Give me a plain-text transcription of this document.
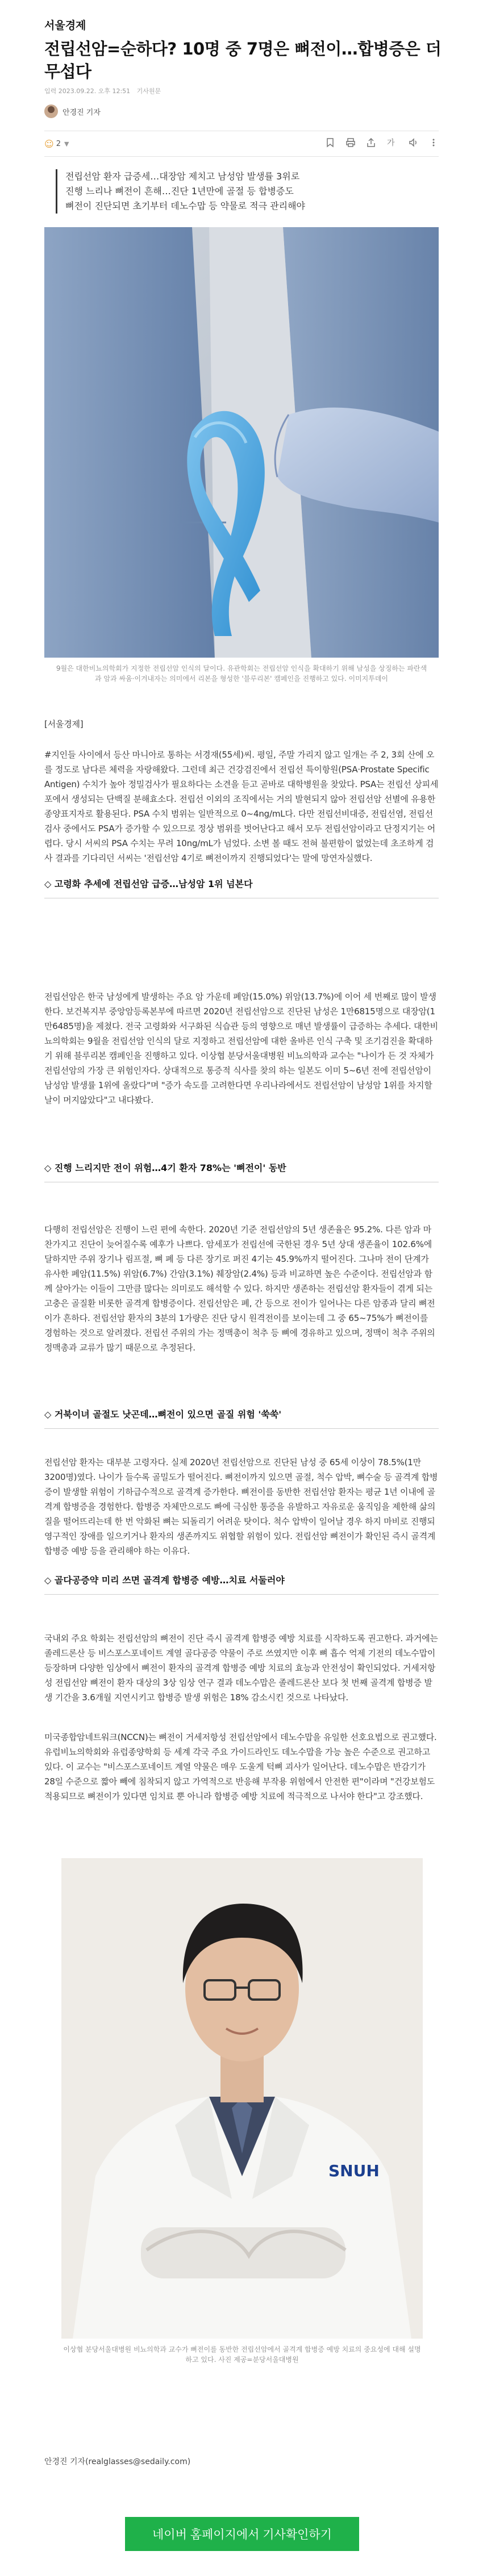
서울경제
전립선암=순하다? 10명 중 7명은 뼈전이…합병증은 더 무섭다
입력 2023.09.22. 오후 12:51 기사원문
안경진 기자
☺ 2 ▼	가
전립선암 환자 급증세…대장암 제치고 남성암 발생률 3위로
진행 느리나 뼈전이 흔해…진단 1년만에 골절 등 합병증도
뼈전이 진단되면 초기부터 데노수맙 등 약물로 적극 관리해야
9월은 대한비뇨의학회가 지정한 전립선암 인식의 달이다. 유관학회는 전립선암 인식을 확대하기 위해 남성을 상징하는 파란색과 암과 싸움·이겨내자는 의미에서 리본을 형성한 '블루리본' 캠페인을 진행하고 있다. 이미지투데이

[서울경제]

#지인들 사이에서 등산 마니아로 통하는 서경재(55세)씨. 평일, 주말 가리지 않고 일개는 주 2, 3회 산에 오를 정도로 남다른 체력을 자랑해왔다. 그런데 최근 건강검진에서 전립선 특이항원(PSA·Prostate Specific Antigen) 수치가 높아 정밀검사가 필요하다는 소견을 듣고 곧바로 대학병원을 찾았다. PSA는 전립선 상피세포에서 생성되는 단백질 분해효소다. 전립선 이외의 조직에서는 거의 발현되지 않아 전립선암 선별에 유용한 종양표지자로 활용된다. PSA 수치 범위는 일반적으로 0~4ng/mL다. 다만 전립선비대증, 전립선염, 전립선 검사 중에서도 PSA가 증가할 수 있으므로 정상 범위를 벗어난다고 해서 모두 전립선암이라고 단정지기는 어렵다. 당시 서씨의 PSA 수치는 무려 10ng/mL가 넘었다. 소변 볼 때도 전혀 불편함이 없었는데 초조하게 검사 결과를 기다리던 서씨는 '전립선암 4기로 뼈전이까지 진행되었다'는 말에 망연자실했다.

◇ 고령화 추세에 전립선암 급증…남성암 1위 넘본다

전립선암은 한국 남성에게 발생하는 주요 암 가운데 폐암(15.0%) 위암(13.7%)에 이어 세 번째로 많이 발생한다. 보건복지부 중앙암등록본부에 따르면 2020년 전립선암으로 진단된 남성은 1만6815명으로 대장암(1만6485명)을 제쳤다. 전국 고령화와 서구화된 식습관 등의 영향으로 매년 발생률이 급증하는 추세다. 대한비뇨의학회는 9월을 전립선암 인식의 달로 지정하고 전립선암에 대한 올바른 인식 구축 및 조기검진을 확대하기 위해 블루리본 캠페인을 진행하고 있다. 이상협 분당서울대병원 비뇨의학과 교수는 "나이가 든 것 자체가 전립선암의 가장 큰 위험인자다. 상대적으로 통증적 식사를 찾의 하는 일본도 이미 5~6년 전에 전립선암이 남성암 발생률 1위에 올랐다"며 "증가 속도를 고려한다면 우리나라에서도 전립선암이 남성암 1위를 차지할 날이 머지않았다"고 내다봤다.

◇ 진행 느리지만 전이 위험…4기 환자 78%는 '뼈전이' 동반

다행히 전립선암은 진행이 느린 편에 속한다. 2020년 기준 전립선암의 5년 생존율은 95.2%. 다른 암과 마찬가지고 진단이 늦어질수록 예후가 나쁘다. 암세포가 전립선에 국한된 경우 5년 상대 생존율이 102.6%에 달하지만 주위 장기나 림프절, 뼈 폐 등 다른 장기로 퍼진 4기는 45.9%까지 떨어진다. 그나마 전이 단계가 유사한 폐암(11.5%) 위암(6.7%) 간암(3.1%) 췌장암(2.4%) 등과 비교하면 높은 수준이다. 전립선암과 함께 살아가는 이들이 그만큼 많다는 의미로도 해석할 수 있다. 하지만 생존하는 전립선암 환자들이 겪게 되는 고충은 골질환 비롯한 골격계 합병증이다. 전립선암은 폐, 간 등으로 전이가 일어나는 다른 암종과 달리 뼈전이가 흔하다. 전립선암 환자의 3분의 1가량은 진단 당시 원격전이를 보이는데 그 중 65~75%가 뼈전이를 경험하는 것으로 알려졌다. 전립선 주위의 가는 정맥총이 척추 등 뼈에 경유하고 있으며, 정맥이 척추 주위의 정맥총과 교류가 많기 때문으로 추정된다.

◇ 거북이녀 골절도 낫곤데…뼈전이 있으면 골질 위험 '쑥쑥'

전립선암 환자는 대부분 고령자다. 실제 2020년 전립선암으로 진단된 남성 중 65세 이상이 78.5%(1만3200명)였다. 나이가 들수록 골밀도가 떨어진다. 뼈전이까지 있으면 골절, 척수 압박, 뼈수술 등 골격계 합병증이 발생할 위험이 기하급수적으로 골격계 증가한다. 뼈전이를 동반한 전립선암 환자는 평균 1년 이내에 골격계 합병증을 경험한다. 합병증 자체만으로도 빠에 극심한 통증을 유발하고 자유로운 움직임을 제한해 삶의 질을 떨어뜨리는데 한 번 악화된 뼈는 되돌리기 어려운 탓이다. 척수 압박이 일어날 경우 하지 마비로 진행되 영구적인 장애를 일으키거나 환자의 생존까지도 위협할 위험이 있다. 전립선암 뼈전이가 확인된 즉시 골격계 합병증 예방 등을 관리해야 하는 이유다.

◇ 골다공증약 미리 쓰면 골격계 합병증 예방…치료 서둘러야

국내외 주요 학회는 전립선암의 뼈전이 진단 즉시 골격계 합병증 예방 치료를 시작하도록 권고한다. 과거에는 졸레드론산 등 비스포스포네이트 계열 골다공증 약물이 주로 쓰였지만 이후 뼈 흡수 억제 기전의 데노수맙이 등장하며 다양한 임상에서 뼈전이 환자의 골격계 합병증 예방 치료의 효능과 안전성이 확인되었다. 거세저항성 전립선암 뼈전이 환자 대상의 3상 임상 연구 결과 데노수맙은 졸레드론산 보다 첫 번째 골격계 합병증 발생 기간을 3.6개월 지연시키고 합병증 발생 위험은 18% 감소시킨 것으로 나타났다.

미국종합암네트워크(NCCN)는 뼈전이 거세저항성 전립선암에서 데노수맙을 유일한 선호요법으로 권고했다. 유럽비뇨의학회와 유럽종양학회 등 세계 각국 주요 가이드라인도 데노수맙을 가능 높은 수준으로 권고하고 있다. 이 교수는 "비스포스포네이트 계열 약물은 매우 도울게 턱뼈 괴사가 일어난다. 데노수맙은 반감기가 28일 수준으로 짧아 빼에 침착되지 않고 가역적으로 반응해 부작용 위험에서 안전한 편"이라며 "건강보험도 적용되므로 뼈전이가 있다면 임치료 뿐 아니라 합병증 예방 치료에 적극적으로 나서야 한다"고 강조했다.

SNUH
이상협 분당서울대병원 비뇨의학과 교수가 뼈전이를 동반한 전립선암에서 골격계 합병증 예방 치료의 중요성에 대해 설명하고 있다. 사진 제공=분당서울대병원
안경진 기자(realglasses@sedaily.com)
네이버 홈페이지에서 기사확인하기
